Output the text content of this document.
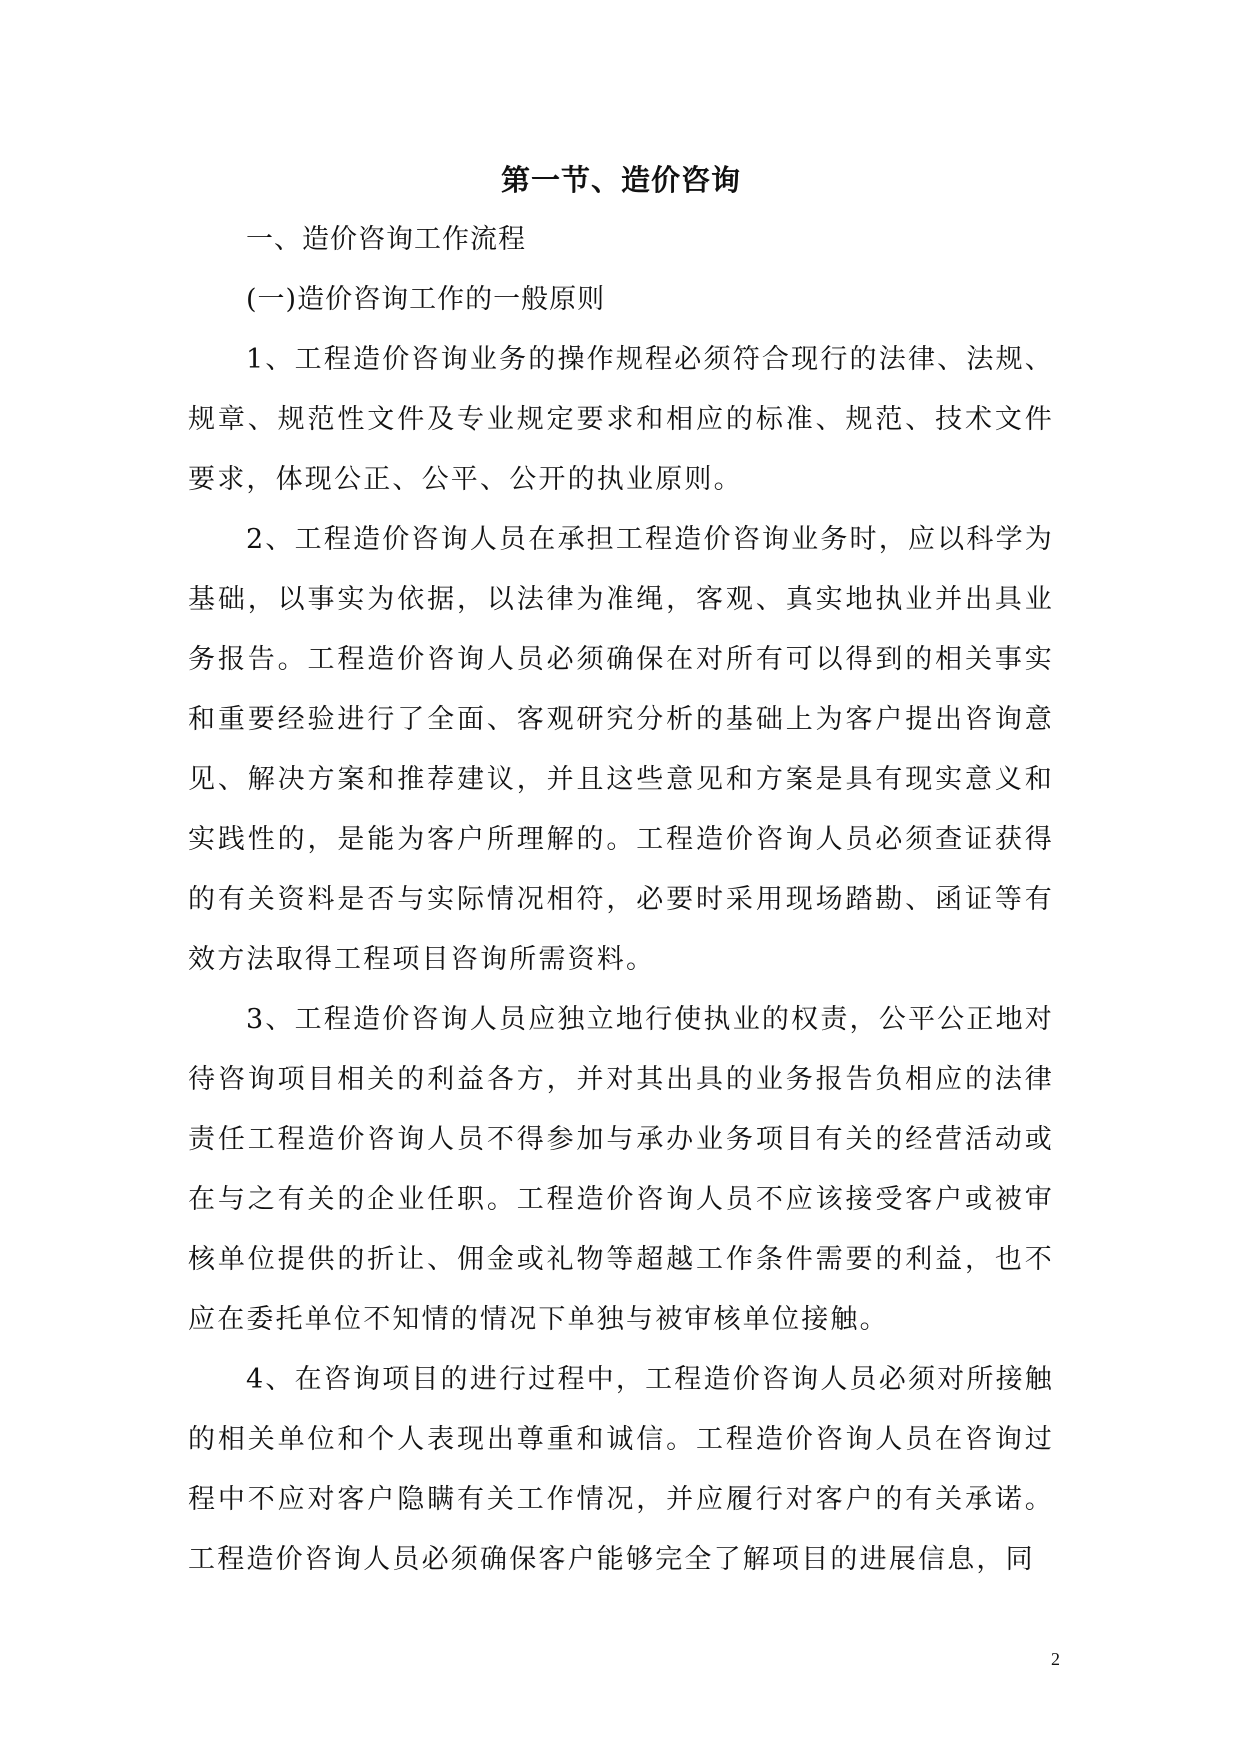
第一节、造价咨询

一、造价咨询工作流程

(一)造价咨询工作的一般原则

1、工程造价咨询业务的操作规程必须符合现行的法律、法规、规章、规范性文件及专业规定要求和相应的标准、规范、技术文件要求，体现公正、公平、公开的执业原则。

2、工程造价咨询人员在承担工程造价咨询业务时，应以科学为基础，以事实为依据，以法律为准绳，客观、真实地执业并出具业务报告。工程造价咨询人员必须确保在对所有可以得到的相关事实和重要经验进行了全面、客观研究分析的基础上为客户提出咨询意见、解决方案和推荐建议，并且这些意见和方案是具有现实意义和实践性的，是能为客户所理解的。工程造价咨询人员必须查证获得的有关资料是否与实际情况相符，必要时采用现场踏勘、函证等有效方法取得工程项目咨询所需资料。

3、工程造价咨询人员应独立地行使执业的权责，公平公正地对待咨询项目相关的利益各方，并对其出具的业务报告负相应的法律责任工程造价咨询人员不得参加与承办业务项目有关的经营活动或在与之有关的企业任职。工程造价咨询人员不应该接受客户或被审核单位提供的折让、佣金或礼物等超越工作条件需要的利益，也不应在委托单位不知情的情况下单独与被审核单位接触。

4、在咨询项目的进行过程中，工程造价咨询人员必须对所接触的相关单位和个人表现出尊重和诚信。工程造价咨询人员在咨询过程中不应对客户隐瞒有关工作情况，并应履行对客户的有关承诺。工程造价咨询人员必须确保客户能够完全了解项目的进展信息，同

2
